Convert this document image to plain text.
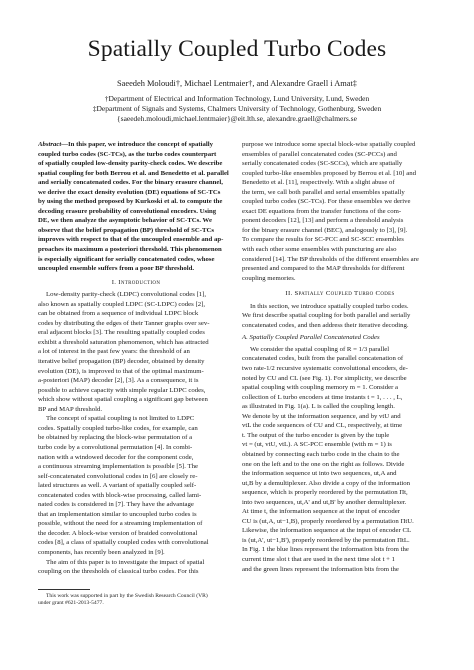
Spatially Coupled Turbo Codes
Saeedeh Moloudi†, Michael Lentmaier†, and Alexandre Graell i Amat‡
†Department of Electrical and Information Technology, Lund University, Lund, Sweden
‡Department of Signals and Systems, Chalmers University of Technology, Gothenburg, Sweden
{saeedeh.moloudi,michael.lentmaier}@eit.lth.se, alexandre.graell@chalmers.se
Abstract—In this paper, we introduce the concept of spatially
coupled turbo codes (SC-TCs), as the turbo codes counterpart
of spatially coupled low-density parity-check codes. We describe
spatial coupling for both Berrou et al. and Benedetto et al. parallel
and serially concatenated codes. For the binary erasure channel,
we derive the exact density evolution (DE) equations of SC-TCs
by using the method proposed by Kurkoski et al. to compute the
decoding erasure probability of convolutional encoders. Using
DE, we then analyze the asymptotic behavior of SC-TCs. We
observe that the belief propagation (BP) threshold of SC-TCs
improves with respect to that of the uncoupled ensemble and ap-
proaches its maximum a posteriori threshold. This phenomenon
is especially significant for serially concatenated codes, whose
uncoupled ensemble suffers from a poor BP threshold.
I. Introduction
Low-density parity-check (LDPC) convolutional codes [1],
also known as spatially coupled LDPC (SC-LDPC) codes [2],
can be obtained from a sequence of individual LDPC block
codes by distributing the edges of their Tanner graphs over sev-
eral adjacent blocks [3]. The resulting spatially coupled codes
exhibit a threshold saturation phenomenon, which has attracted
a lot of interest in the past few years: the threshold of an
iterative belief propagation (BP) decoder, obtained by density
evolution (DE), is improved to that of the optimal maximum-
a-posteriori (MAP) decoder [2], [3]. As a consequence, it is
possible to achieve capacity with simple regular LDPC codes,
which show without spatial coupling a significant gap between
BP and MAP threshold.
The concept of spatial coupling is not limited to LDPC
codes. Spatially coupled turbo-like codes, for example, can
be obtained by replacing the block-wise permutation of a
turbo code by a convolutional permutation [4]. In combi-
nation with a windowed decoder for the component code,
a continuous streaming implementation is possible [5]. The
self-concatenated convolutional codes in [6] are closely re-
lated structures as well. A variant of spatially coupled self-
concatenated codes with block-wise processing, called lami-
nated codes is considered in [7]. They have the advantage
that an implementation similar to uncoupled turbo codes is
possible, without the need for a streaming implementation of
the decoder. A block-wise version of braided convolutional
codes [8], a class of spatially coupled codes with convolutional
components, has recently been analyzed in [9].
The aim of this paper is to investigate the impact of spatial
coupling on the thresholds of classical turbo codes. For this
This work was supported in part by the Swedish Research Council (VR)
under grant #621-2013-5477.
purpose we introduce some special block-wise spatially coupled
ensembles of parallel concatenated codes (SC-PCCs) and
serially concatenated codes (SC-SCCs), which are spatially
coupled turbo-like ensembles proposed by Berrou et al. [10] and
Benedetto et al. [11], respectively. With a slight abuse of
the term, we call both parallel and serial ensembles spatially
coupled turbo codes (SC-TCs). For these ensembles we derive
exact DE equations from the transfer functions of the com-
ponent decoders [12], [13] and perform a threshold analysis
for the binary erasure channel (BEC), analogously to [3], [9].
To compare the results for SC-PCC and SC-SCC ensembles
with each other some ensembles with puncturing are also
considered [14]. The BP thresholds of the different ensembles are
presented and compared to the MAP thresholds for different
coupling memories.
II. Spatially Coupled Turbo Codes
In this section, we introduce spatially coupled turbo codes.
We first describe spatial coupling for both parallel and serially
concatenated codes, and then address their iterative decoding.
A. Spatially Coupled Parallel Concatenated Codes
We consider the spatial coupling of R = 1/3 parallel
concatenated codes, built from the parallel concatenation of
two rate-1/2 recursive systematic convolutional encoders, de-
noted by CU and CL (see Fig. 1). For simplicity, we describe
spatial coupling with coupling memory m = 1. Consider a
collection of L turbo encoders at time instants t = 1, . . . , L,
as illustrated in Fig. 1(a). L is called the coupling length.
We denote by ut the information sequence, and by vtU and
vtL the code sequences of CU and CL, respectively, at time
t. The output of the turbo encoder is given by the tuple
vt = (ut, vtU, vtL). A SC-PCC ensemble (with m = 1) is
obtained by connecting each turbo code in the chain to the
one on the left and to the one on the right as follows. Divide
the information sequence ut into two sequences, ut,A and
ut,B by a demultiplexer. Also divide a copy of the information
sequence, which is properly reordered by the permutation Πt,
into two sequences, ut,A' and ut,B' by another demultiplexer.
At time t, the information sequence at the input of encoder
CU is (ut,A, ut−1,B), properly reordered by a permutation ΠtU.
Likewise, the information sequence at the input of encoder CL
is (ut,A', ut−1,B'), properly reordered by the permutation ΠtL.
In Fig. 1 the blue lines represent the information bits from the
current time slot t that are used in the next time slot t + 1
and the green lines represent the information bits from the
